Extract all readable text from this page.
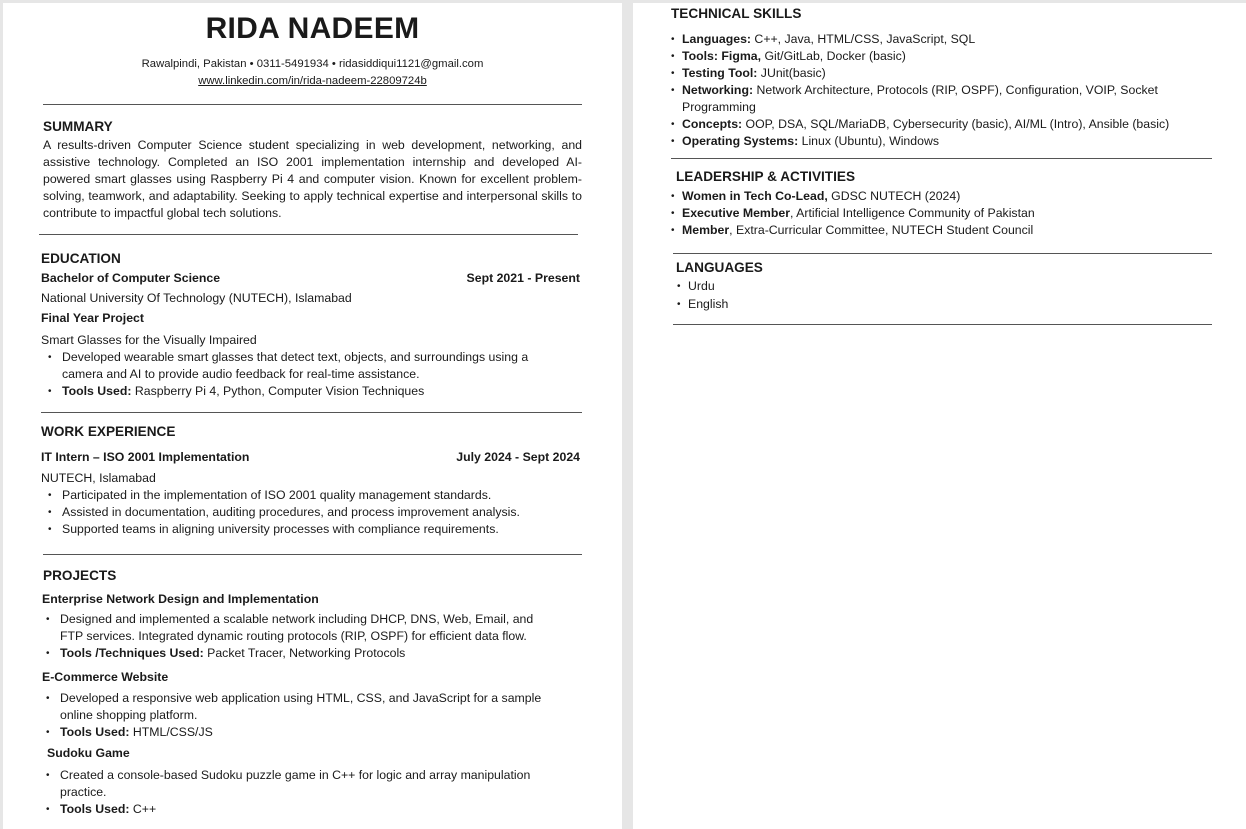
RIDA NADEEM
Rawalpindi, Pakistan • 0311-5491934 • ridasiddiqui1121@gmail.com
www.linkedin.com/in/rida-nadeem-22809724b
SUMMARY
A results-driven Computer Science student specializing in web development, networking, and assistive technology. Completed an ISO 2001 implementation internship and developed AI-powered smart glasses using Raspberry Pi 4 and computer vision. Known for excellent problem-solving, teamwork, and adaptability. Seeking to apply technical expertise and interpersonal skills to contribute to impactful global tech solutions.
EDUCATION
Bachelor of Computer Science	Sept 2021 - Present
National University Of Technology (NUTECH), Islamabad
Final Year Project
Smart Glasses for the Visually Impaired
• Developed wearable smart glasses that detect text, objects, and surroundings using a camera and AI to provide audio feedback for real-time assistance.
• Tools Used: Raspberry Pi 4, Python, Computer Vision Techniques
WORK EXPERIENCE
IT Intern – ISO 2001 Implementation	July 2024 - Sept 2024
NUTECH, Islamabad
• Participated in the implementation of ISO 2001 quality management standards.
• Assisted in documentation, auditing procedures, and process improvement analysis.
• Supported teams in aligning university processes with compliance requirements.
PROJECTS
Enterprise Network Design and Implementation
• Designed and implemented a scalable network including DHCP, DNS, Web, Email, and FTP services. Integrated dynamic routing protocols (RIP, OSPF) for efficient data flow.
• Tools /Techniques Used: Packet Tracer, Networking Protocols
E-Commerce Website
• Developed a responsive web application using HTML, CSS, and JavaScript for a sample online shopping platform.
• Tools Used: HTML/CSS/JS
Sudoku Game
• Created a console-based Sudoku puzzle game in C++ for logic and array manipulation practice.
• Tools Used: C++
TECHNICAL SKILLS
• Languages: C++, Java, HTML/CSS, JavaScript, SQL
• Tools: Figma, Git/GitLab, Docker (basic)
• Testing Tool: JUnit(basic)
• Networking: Network Architecture, Protocols (RIP, OSPF), Configuration, VOIP, Socket Programming
• Concepts: OOP, DSA, SQL/MariaDB, Cybersecurity (basic), AI/ML (Intro), Ansible (basic)
• Operating Systems: Linux (Ubuntu), Windows
LEADERSHIP & ACTIVITIES
• Women in Tech Co-Lead, GDSC NUTECH (2024)
• Executive Member, Artificial Intelligence Community of Pakistan
• Member, Extra-Curricular Committee, NUTECH Student Council
LANGUAGES
• Urdu
• English
